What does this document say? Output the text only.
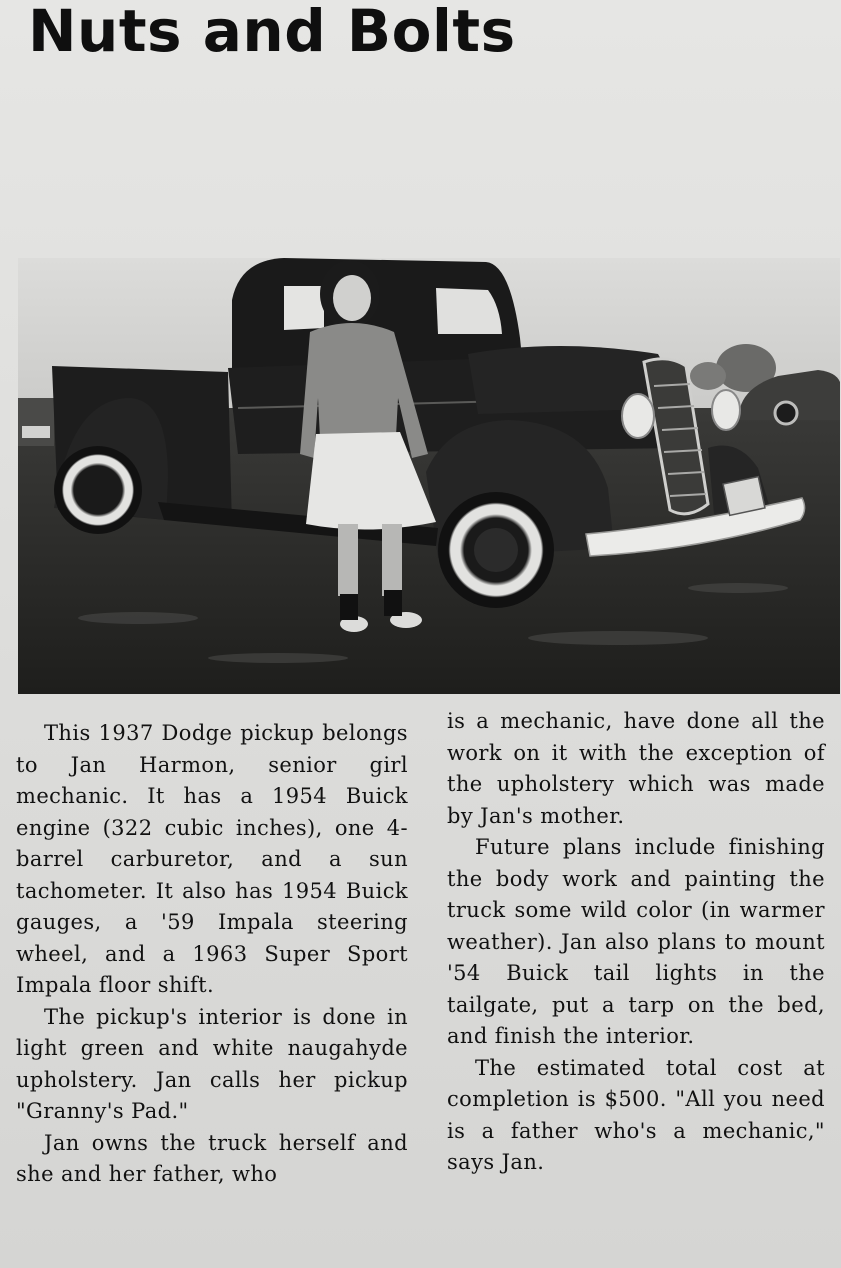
Nuts and Bolts

This 1937 Dodge pickup belongs to Jan Harmon, senior girl mechanic. It has a 1954 Buick engine (322 cubic inches), one 4-barrel carburetor, and a sun tachometer. It also has 1954 Buick gauges, a '59 Impala steering wheel, and a 1963 Super Sport Impala floor shift.

The pickup's interior is done in light green and white naugahyde upholstery. Jan calls her pickup "Granny's Pad."

Jan owns the truck herself and she and her father, who

is a mechanic, have done all the work on it with the exception of the upholstery which was made by Jan's mother.

Future plans include finishing the body work and painting the truck some wild color (in warmer weather). Jan also plans to mount '54 Buick tail lights in the tailgate, put a tarp on the bed, and finish the interior.

The estimated total cost at completion is $500. "All you need is a father who's a mechanic," says Jan.
